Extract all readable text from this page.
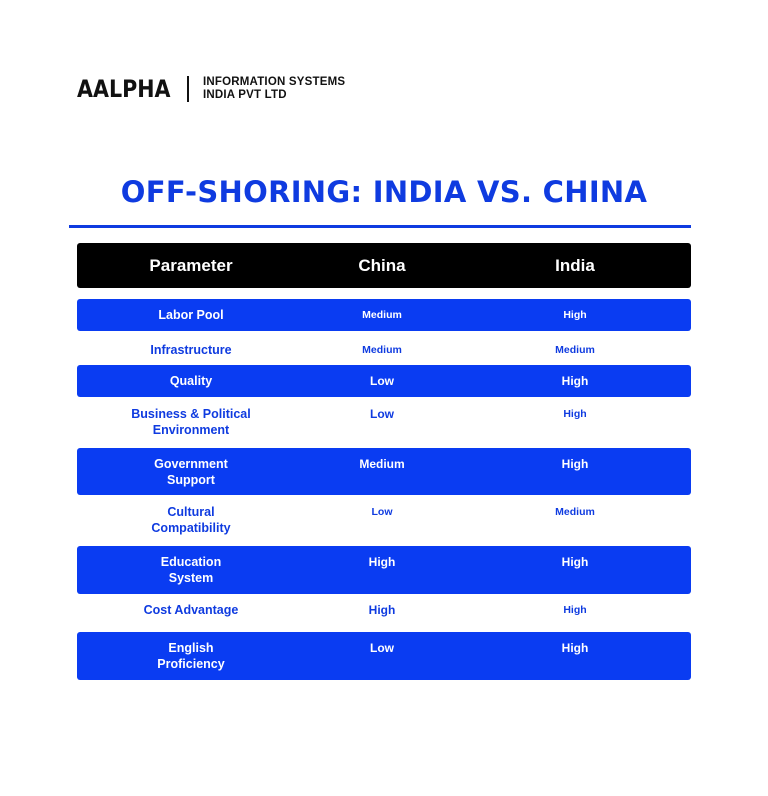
AALPHA	INFORMATION SYSTEMS
INDIA PVT LTD
OFF-SHORING: INDIA VS. CHINA
Parameter	China	India
Labor Pool	Medium	High
Infrastructure	Medium	Medium
Quality	Low	High
Business & Political
Environment
Low	High
Government
Support
Medium	High
Cultural
Compatibility
Low	Medium
Education
System
High	High
Cost Advantage	High	High
English
Proficiency
Low	High
